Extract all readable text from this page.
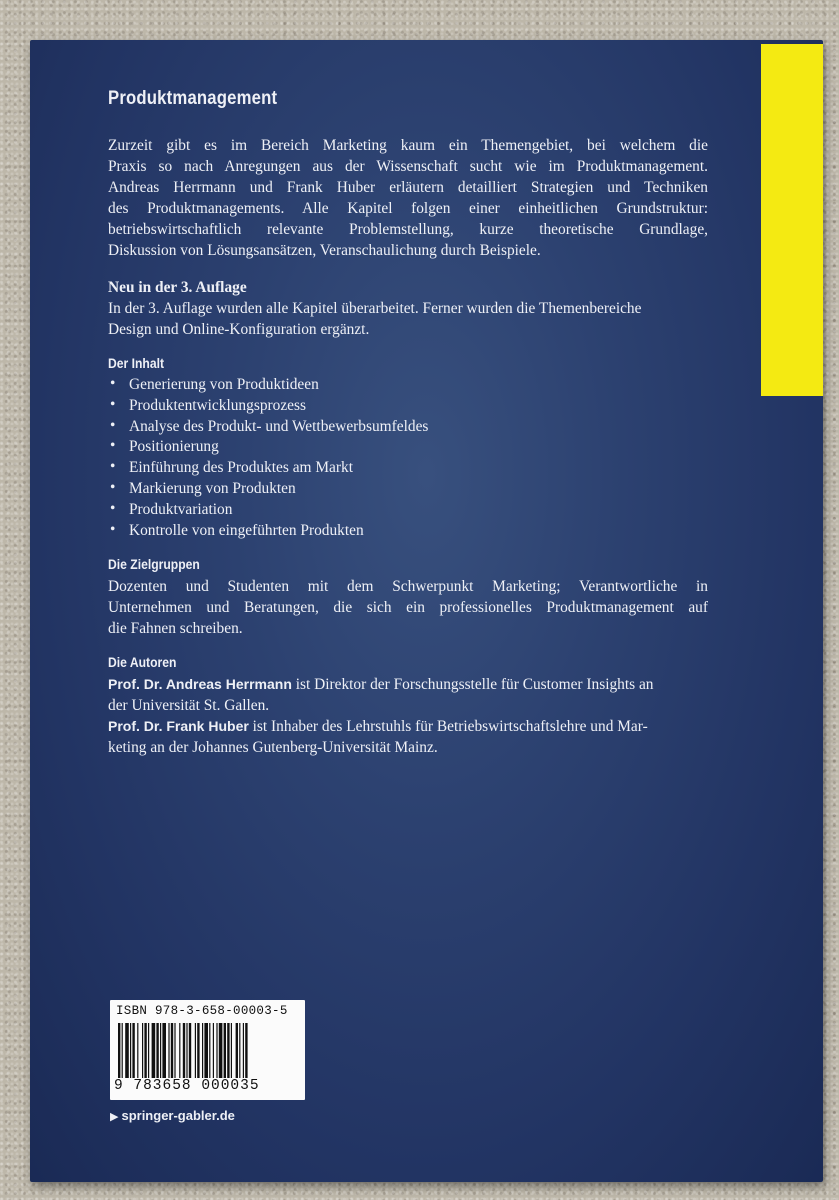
Produktmanagement

Zurzeit gibt es im Bereich Marketing kaum ein Themengebiet, bei welchem die
Praxis so nach Anregungen aus der Wissenschaft sucht wie im Produktmanagement.
Andreas Herrmann und Frank Huber erläutern detailliert Strategien und Techniken
des Produktmanagements. Alle Kapitel folgen einer einheitlichen Grundstruktur:
betriebswirtschaftlich relevante Problemstellung, kurze theoretische Grundlage,
Diskussion von Lösungsansätzen, Veranschaulichung durch Beispiele.

Neu in der 3. Auflage

In der 3. Auflage wurden alle Kapitel überarbeitet. Ferner wurden die Themenbereiche
Design und Online-Konfiguration ergänzt.

Der Inhalt
• Generierung von Produktideen
• Produktentwicklungsprozess
• Analyse des Produkt- und Wettbewerbsumfeldes
• Positionierung
• Einführung des Produktes am Markt
• Markierung von Produkten
• Produktvariation
• Kontrolle von eingeführten Produkten
Die Zielgruppen

Dozenten und Studenten mit dem Schwerpunkt Marketing; Verantwortliche in
Unternehmen und Beratungen, die sich ein professionelles Produktmanagement auf
die Fahnen schreiben.

Die Autoren

Prof. Dr. Andreas Herrmann ist Direktor der Forschungsstelle für Customer Insights an
der Universität St. Gallen.
Prof. Dr. Frank Huber ist Inhaber des Lehrstuhls für Betriebswirtschaftslehre und Mar-
keting an der Johannes Gutenberg-Universität Mainz.

ISBN 978-3-658-00003-5
9 783658 000035
▶ springer-gabler.de
